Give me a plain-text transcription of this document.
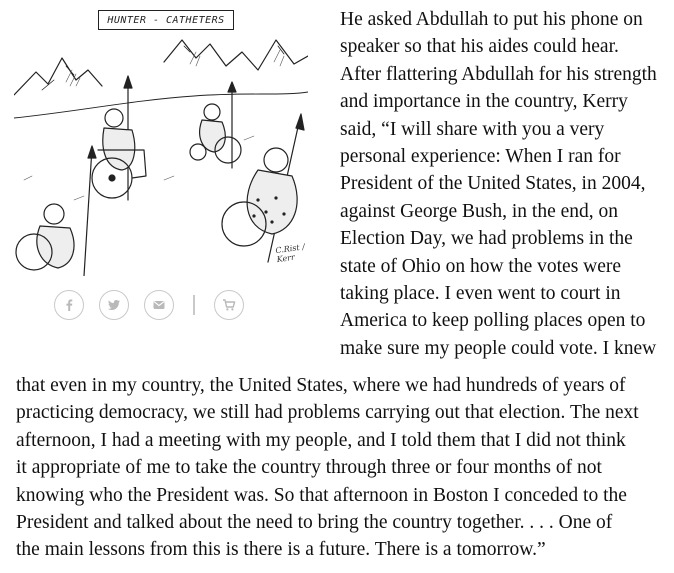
HUNTER - CATHETERS
C.Rist / Kerr
He asked Abdullah to put his phone on
speaker so that his aides could hear.
After flattering Abdullah for his strength
and importance in the country, Kerry
said, “I will share with you a very
personal experience: When I ran for
President of the United States, in 2004,
against George Bush, in the end, on
Election Day, we had problems in the
state of Ohio on how the votes were
taking place. I even went to court in
America to keep polling places open to
make sure my people could vote. I knew
that even in my country, the United States, where we had hundreds of years of
practicing democracy, we still had problems carrying out that election. The next
afternoon, I had a meeting with my people, and I told them that I did not think
it appropriate of me to take the country through three or four months of not
knowing who the President was. So that afternoon in Boston I conceded to the
President and talked about the need to bring the country together. . . . One of
the main lessons from this is there is a future. There is a tomorrow.”
